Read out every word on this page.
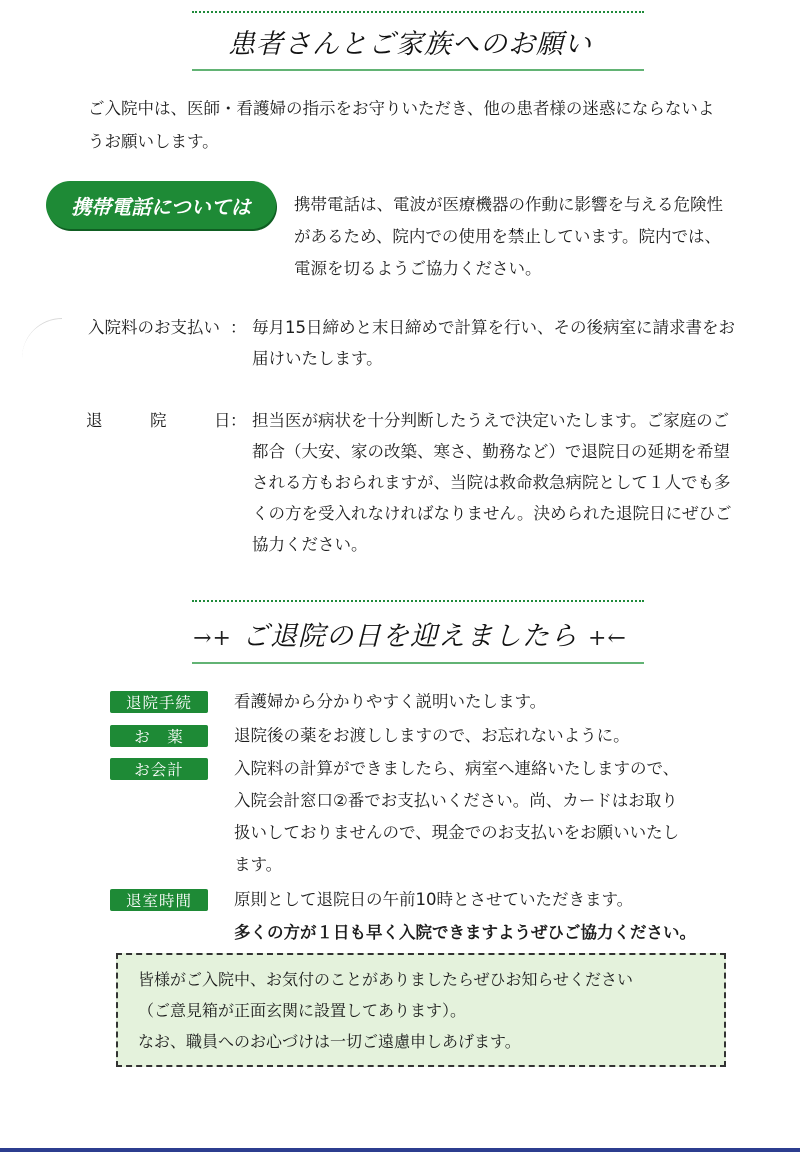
患者さんとご家族へのお願い
ご入院中は、医師・看護婦の指示をお守りいただき、他の患者様の迷惑にならないよ
うお願いします。
携帯電話については	携帯電話は、電波が医療機器の作動に影響を与える危険性
があるため、院内での使用を禁止しています。院内では、
電源を切るようご協力ください。
入院料のお支払い ： 毎月15日締めと末日締めで計算を行い、その後病室に請求書をお
届けいたします。
退	院	日 ： 担当医が病状を十分判断したうえで決定いたします。ご家庭のご
都合（大安、家の改築、寒さ、勤務など）で退院日の延期を希望
される方もおられますが、当院は救命救急病院として１人でも多
くの方を受入れなければなりません。決められた退院日にぜひご
協力ください。
→+ ご退院の日を迎えましたら +←
退院手続	看護婦から分かりやすく説明いたします。
お　薬	退院後の薬をお渡ししますので、お忘れないように。
お会計	入院料の計算ができましたら、病室へ連絡いたしますので、
入院会計窓口②番でお支払いください。尚、カードはお取り
扱いしておりませんので、現金でのお支払いをお願いいたし
ます。
退室時間	原則として退院日の午前10時とさせていただきます。
多くの方が１日も早く入院できますようぜひご協力ください。
皆様がご入院中、お気付のことがありましたらぜひお知らせください
（ご意見箱が正面玄関に設置してあります）。
なお、職員へのお心づけは一切ご遠慮申しあげます。
